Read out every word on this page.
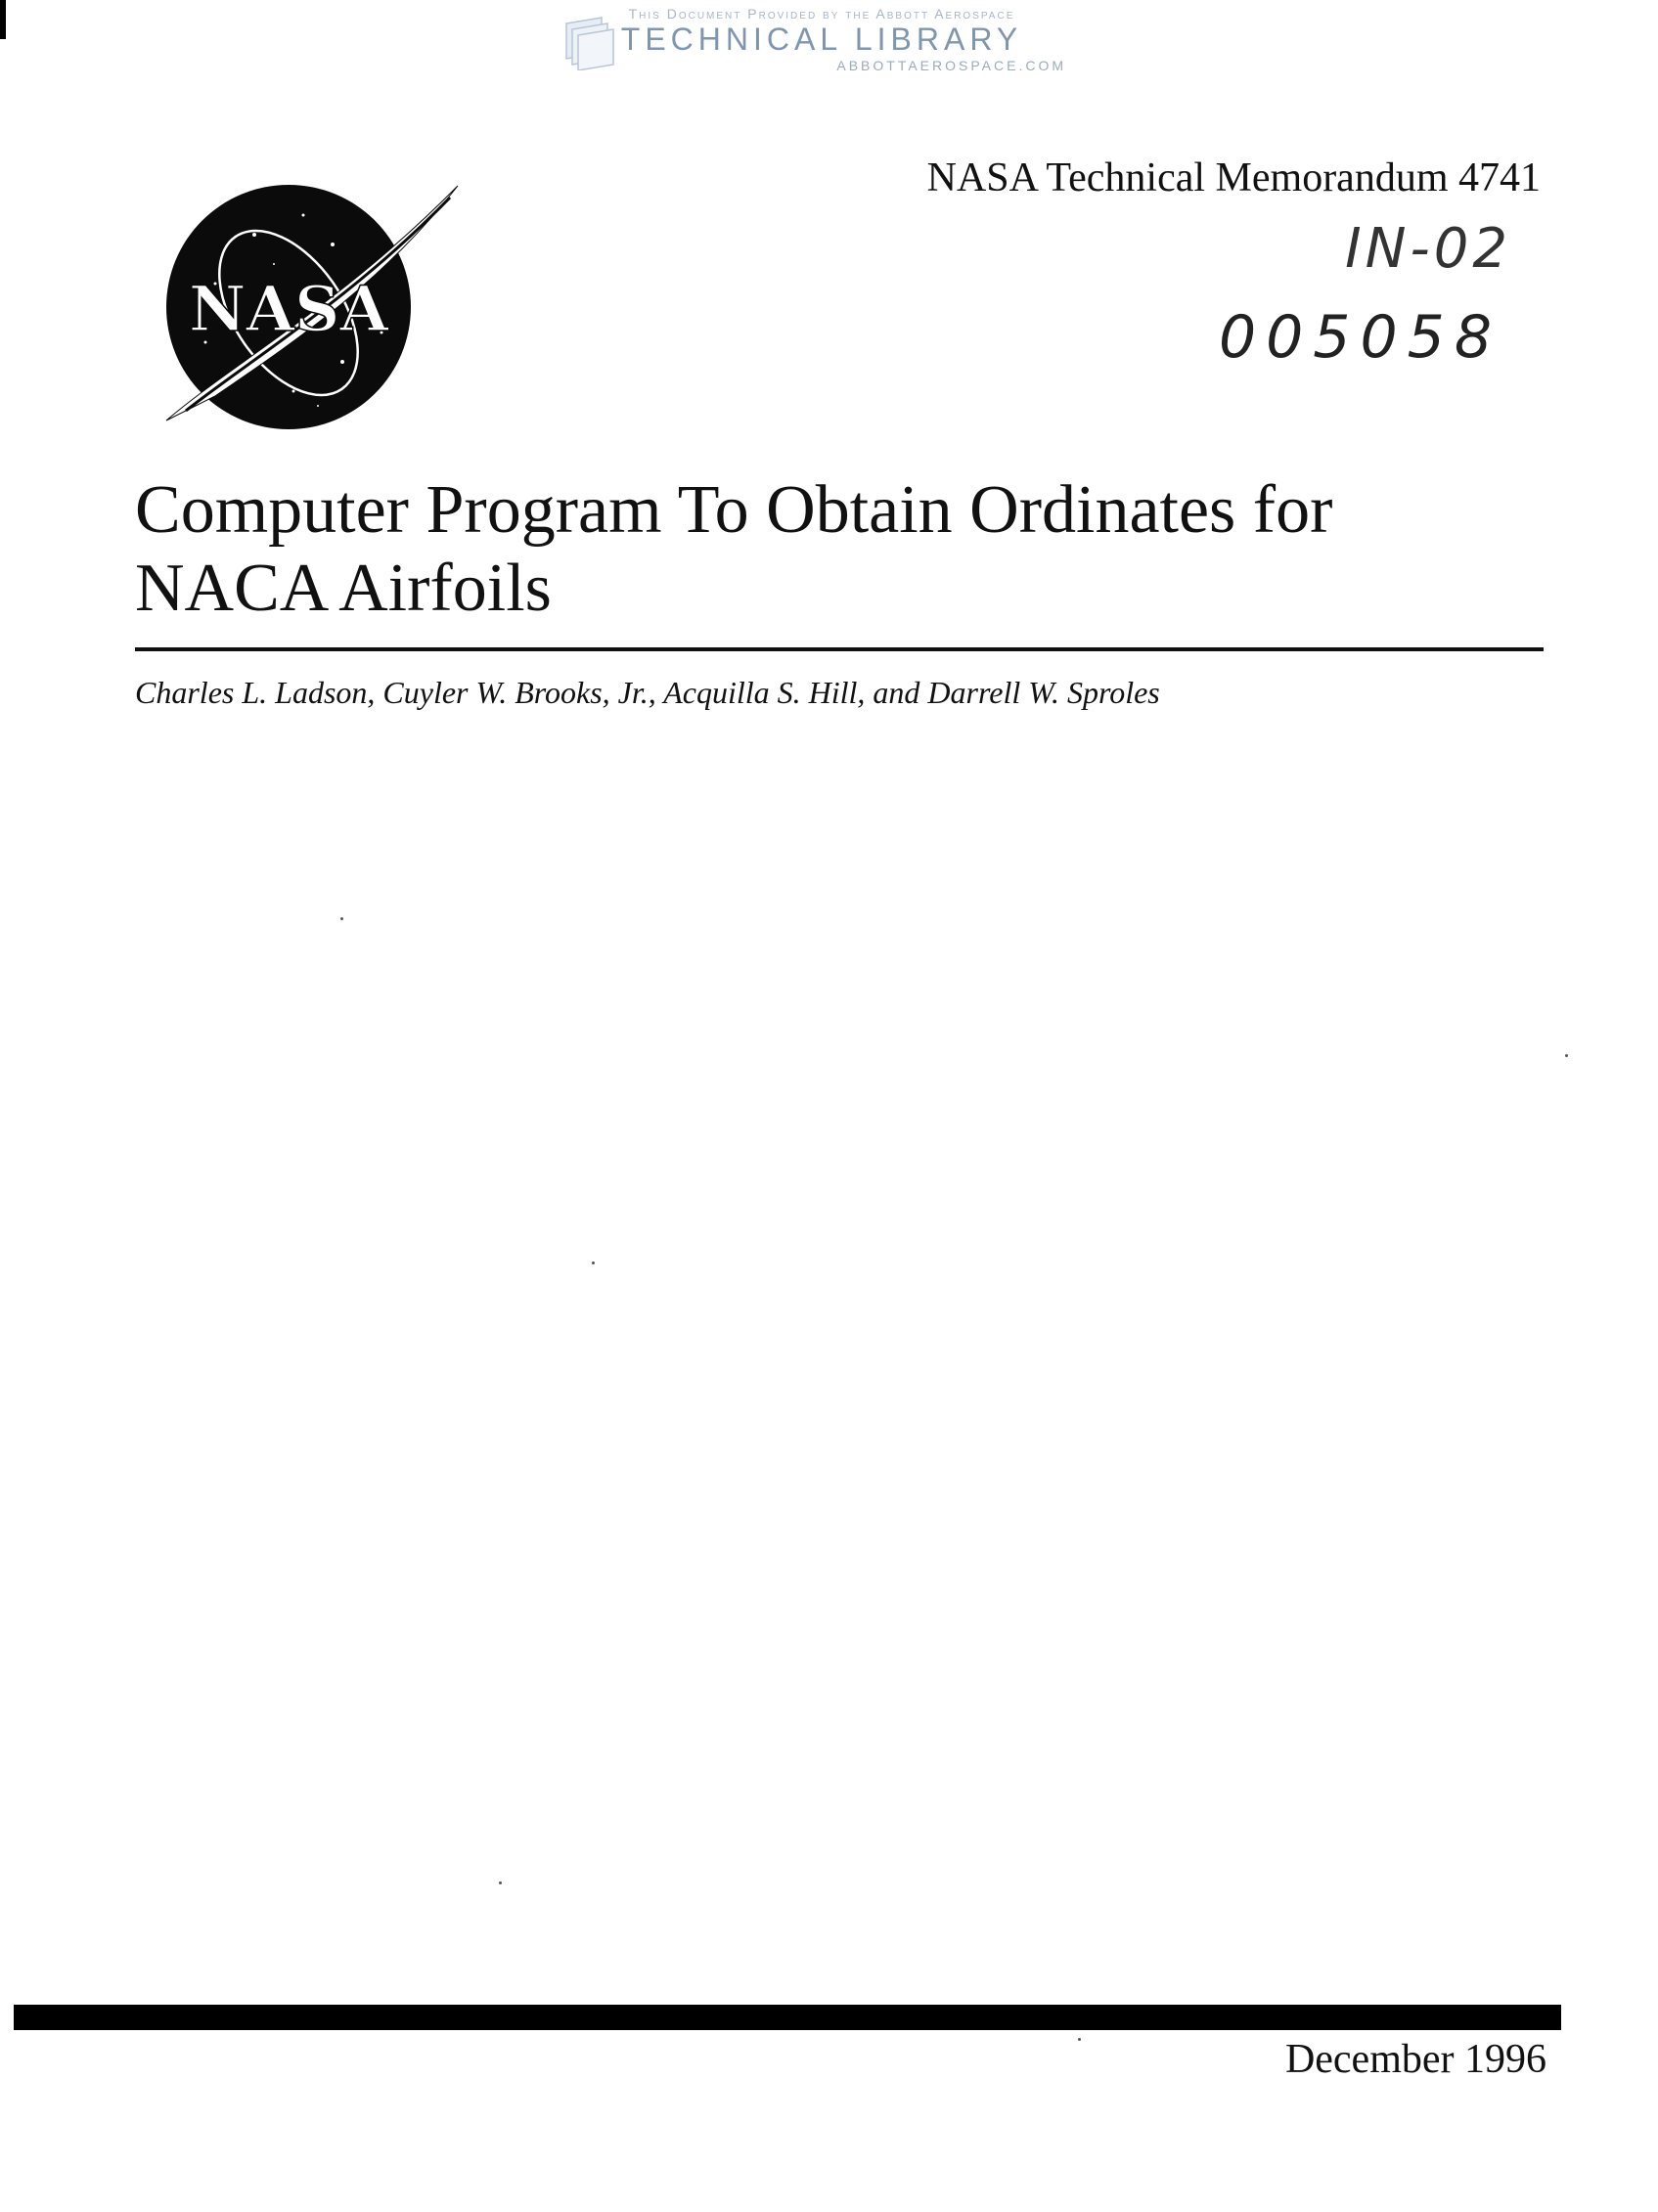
This Document Provided by the Abbott Aerospace
TECHNICAL LIBRARY
ABBOTTAEROSPACE.COM
NASA
NASA Technical Memorandum 4741
IN-02
005058
Computer Program To Obtain Ordinates for
NACA Airfoils
Charles L. Ladson, Cuyler W. Brooks, Jr., Acquilla S. Hill, and Darrell W. Sproles
December 1996
